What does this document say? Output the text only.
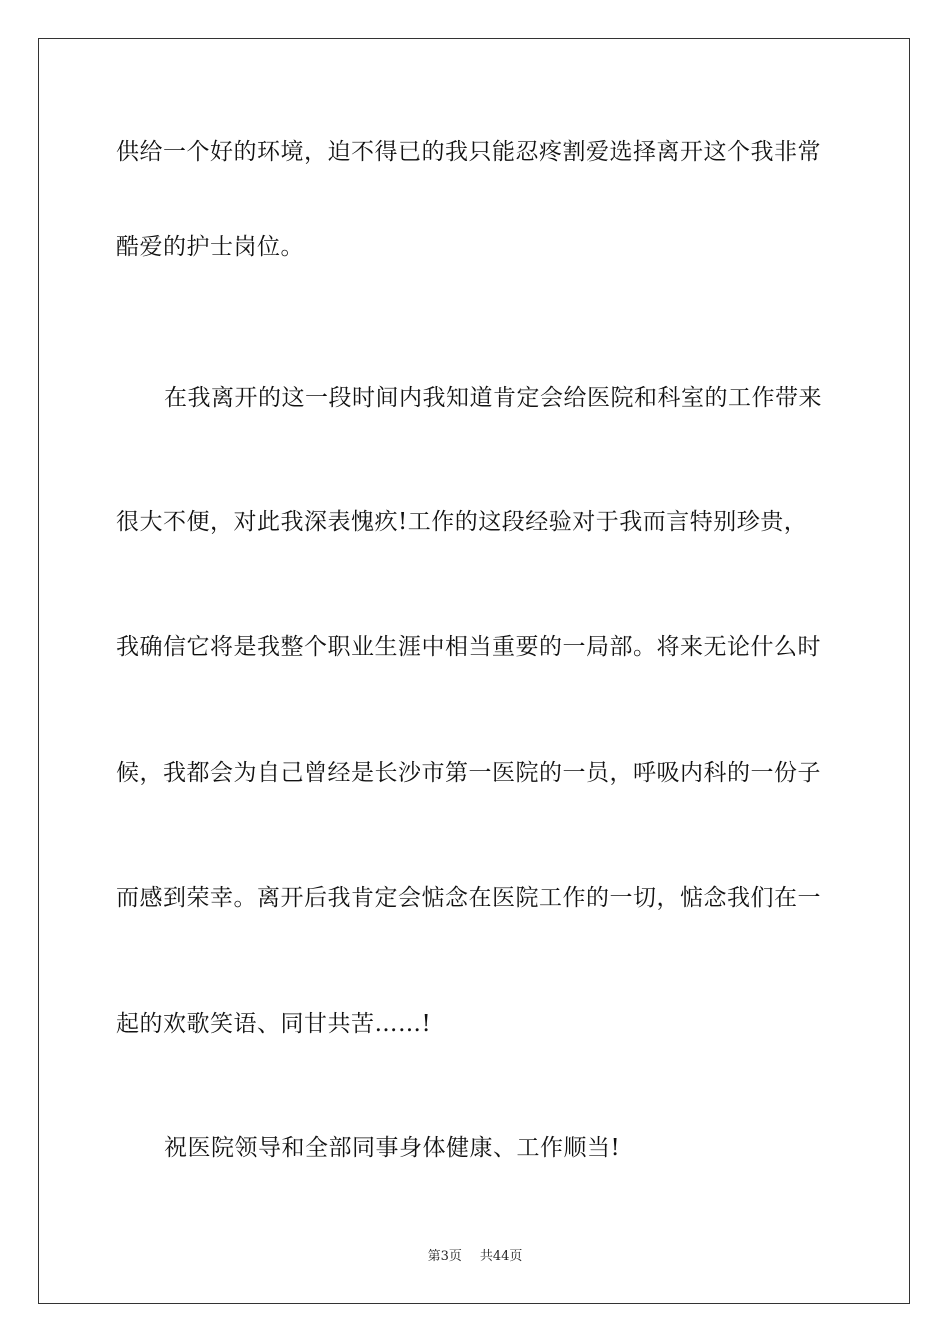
供给一个好的环境，迫不得已的我只能忍疼割爱选择离开这个我非常
酷爱的护士岗位。
在我离开的这一段时间内我知道肯定会给医院和科室的工作带来
很大不便，对此我深表愧疚!工作的这段经验对于我而言特别珍贵，
我确信它将是我整个职业生涯中相当重要的一局部。将来无论什么时
候，我都会为自己曾经是长沙市第一医院的一员，呼吸内科的一份子
而感到荣幸。离开后我肯定会惦念在医院工作的一切，惦念我们在一
起的欢歌笑语、同甘共苦……!
祝医院领导和全部同事身体健康、工作顺当!
第3页 共44页
